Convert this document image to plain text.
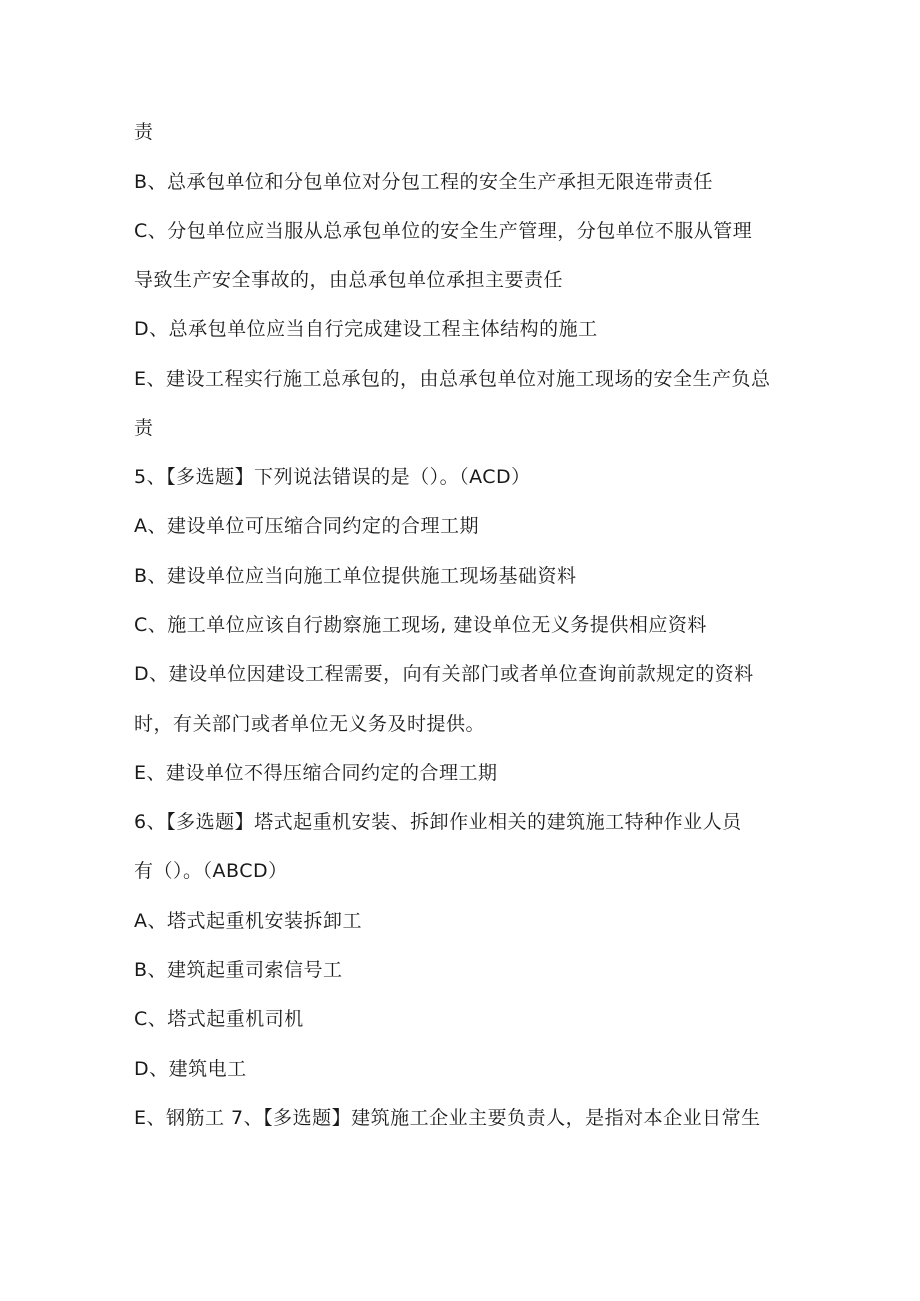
责
B、总承包单位和分包单位对分包工程的安全生产承担无限连带责任
C、分包单位应当服从总承包单位的安全生产管理，分包单位不服从管理
导致生产安全事故的，由总承包单位承担主要责任
D、总承包单位应当自行完成建设工程主体结构的施工
E、建设工程实行施工总承包的，由总承包单位对施工现场的安全生产负总
责
5、【多选题】下列说法错误的是（）。（ACD）
A、建设单位可压缩合同约定的合理工期
B、建设单位应当向施工单位提供施工现场基础资料
C、施工单位应该自行勘察施工现场, 建设单位无义务提供相应资料
D、建设单位因建设工程需要，向有关部门或者单位查询前款规定的资料
时，有关部门或者单位无义务及时提供。
E、建设单位不得压缩合同约定的合理工期
6、【多选题】塔式起重机安装、拆卸作业相关的建筑施工特种作业人员
有（）。（ABCD）
A、塔式起重机安装拆卸工
B、建筑起重司索信号工
C、塔式起重机司机
D、建筑电工
E、钢筋工 7、【多选题】建筑施工企业主要负责人，是指对本企业日常生
